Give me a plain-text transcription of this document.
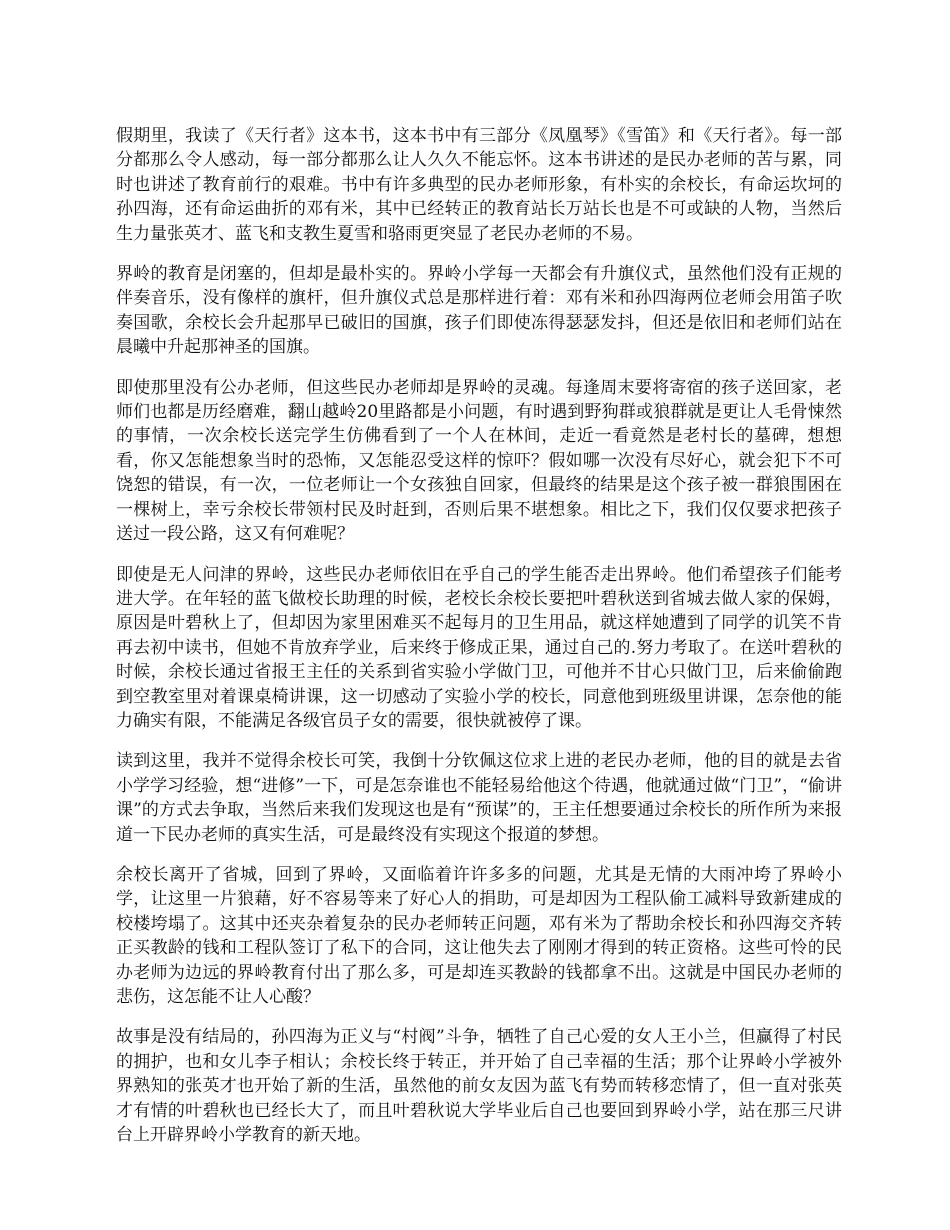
假期里，我读了《天行者》这本书，这本书中有三部分《凤凰琴》《雪笛》和《天行者》。每一部分都那么令人感动，每一部分都那么让人久久不能忘怀。这本书讲述的是民办老师的苦与累，同时也讲述了教育前行的艰难。书中有许多典型的民办老师形象，有朴实的余校长，有命运坎坷的孙四海，还有命运曲折的邓有米，其中已经转正的教育站长万站长也是不可或缺的人物，当然后生力量张英才、蓝飞和支教生夏雪和骆雨更突显了老民办老师的不易。

界岭的教育是闭塞的，但却是最朴实的。界岭小学每一天都会有升旗仪式，虽然他们没有正规的伴奏音乐，没有像样的旗杆，但升旗仪式总是那样进行着：邓有米和孙四海两位老师会用笛子吹奏国歌，余校长会升起那早已破旧的国旗，孩子们即使冻得瑟瑟发抖，但还是依旧和老师们站在晨曦中升起那神圣的国旗。

即使那里没有公办老师，但这些民办老师却是界岭的灵魂。每逢周末要将寄宿的孩子送回家，老师们也都是历经磨难，翻山越岭20里路都是小问题，有时遇到野狗群或狼群就是更让人毛骨悚然的事情，一次余校长送完学生仿佛看到了一个人在林间，走近一看竟然是老村长的墓碑，想想看，你又怎能想象当时的恐怖，又怎能忍受这样的惊吓？假如哪一次没有尽好心，就会犯下不可饶恕的错误，有一次，一位老师让一个女孩独自回家，但最终的结果是这个孩子被一群狼围困在一棵树上，幸亏余校长带领村民及时赶到，否则后果不堪想象。相比之下，我们仅仅要求把孩子送过一段公路，这又有何难呢？

即使是无人问津的界岭，这些民办老师依旧在乎自己的学生能否走出界岭。他们希望孩子们能考进大学。在年轻的蓝飞做校长助理的时候，老校长余校长要把叶碧秋送到省城去做人家的保姆，原因是叶碧秋上了，但却因为家里困难买不起每月的卫生用品，就这样她遭到了同学的讥笑不肯再去初中读书，但她不肯放弃学业，后来终于修成正果，通过自己的.努力考取了。在送叶碧秋的时候，余校长通过省报王主任的关系到省实验小学做门卫，可他并不甘心只做门卫，后来偷偷跑到空教室里对着课桌椅讲课，这一切感动了实验小学的校长，同意他到班级里讲课，怎奈他的能力确实有限，不能满足各级官员子女的需要，很快就被停了课。

读到这里，我并不觉得余校长可笑，我倒十分钦佩这位求上进的老民办老师，他的目的就是去省小学学习经验，想“进修”一下，可是怎奈谁也不能轻易给他这个待遇，他就通过做“门卫”，“偷讲课”的方式去争取，当然后来我们发现这也是有“预谋”的，王主任想要通过余校长的所作所为来报道一下民办老师的真实生活，可是最终没有实现这个报道的梦想。

余校长离开了省城，回到了界岭，又面临着许许多多的问题，尤其是无情的大雨冲垮了界岭小学，让这里一片狼藉，好不容易等来了好心人的捐助，可是却因为工程队偷工减料导致新建成的校楼垮塌了。这其中还夹杂着复杂的民办老师转正问题，邓有米为了帮助余校长和孙四海交齐转正买教龄的钱和工程队签订了私下的合同，这让他失去了刚刚才得到的转正资格。这些可怜的民办老师为边远的界岭教育付出了那么多，可是却连买教龄的钱都拿不出。这就是中国民办老师的悲伤，这怎能不让人心酸？

故事是没有结局的，孙四海为正义与“村阀”斗争，牺牲了自己心爱的女人王小兰，但赢得了村民的拥护，也和女儿李子相认；余校长终于转正，并开始了自己幸福的生活；那个让界岭小学被外界熟知的张英才也开始了新的生活，虽然他的前女友因为蓝飞有势而转移恋情了，但一直对张英才有情的叶碧秋也已经长大了，而且叶碧秋说大学毕业后自己也要回到界岭小学，站在那三尺讲台上开辟界岭小学教育的新天地。
